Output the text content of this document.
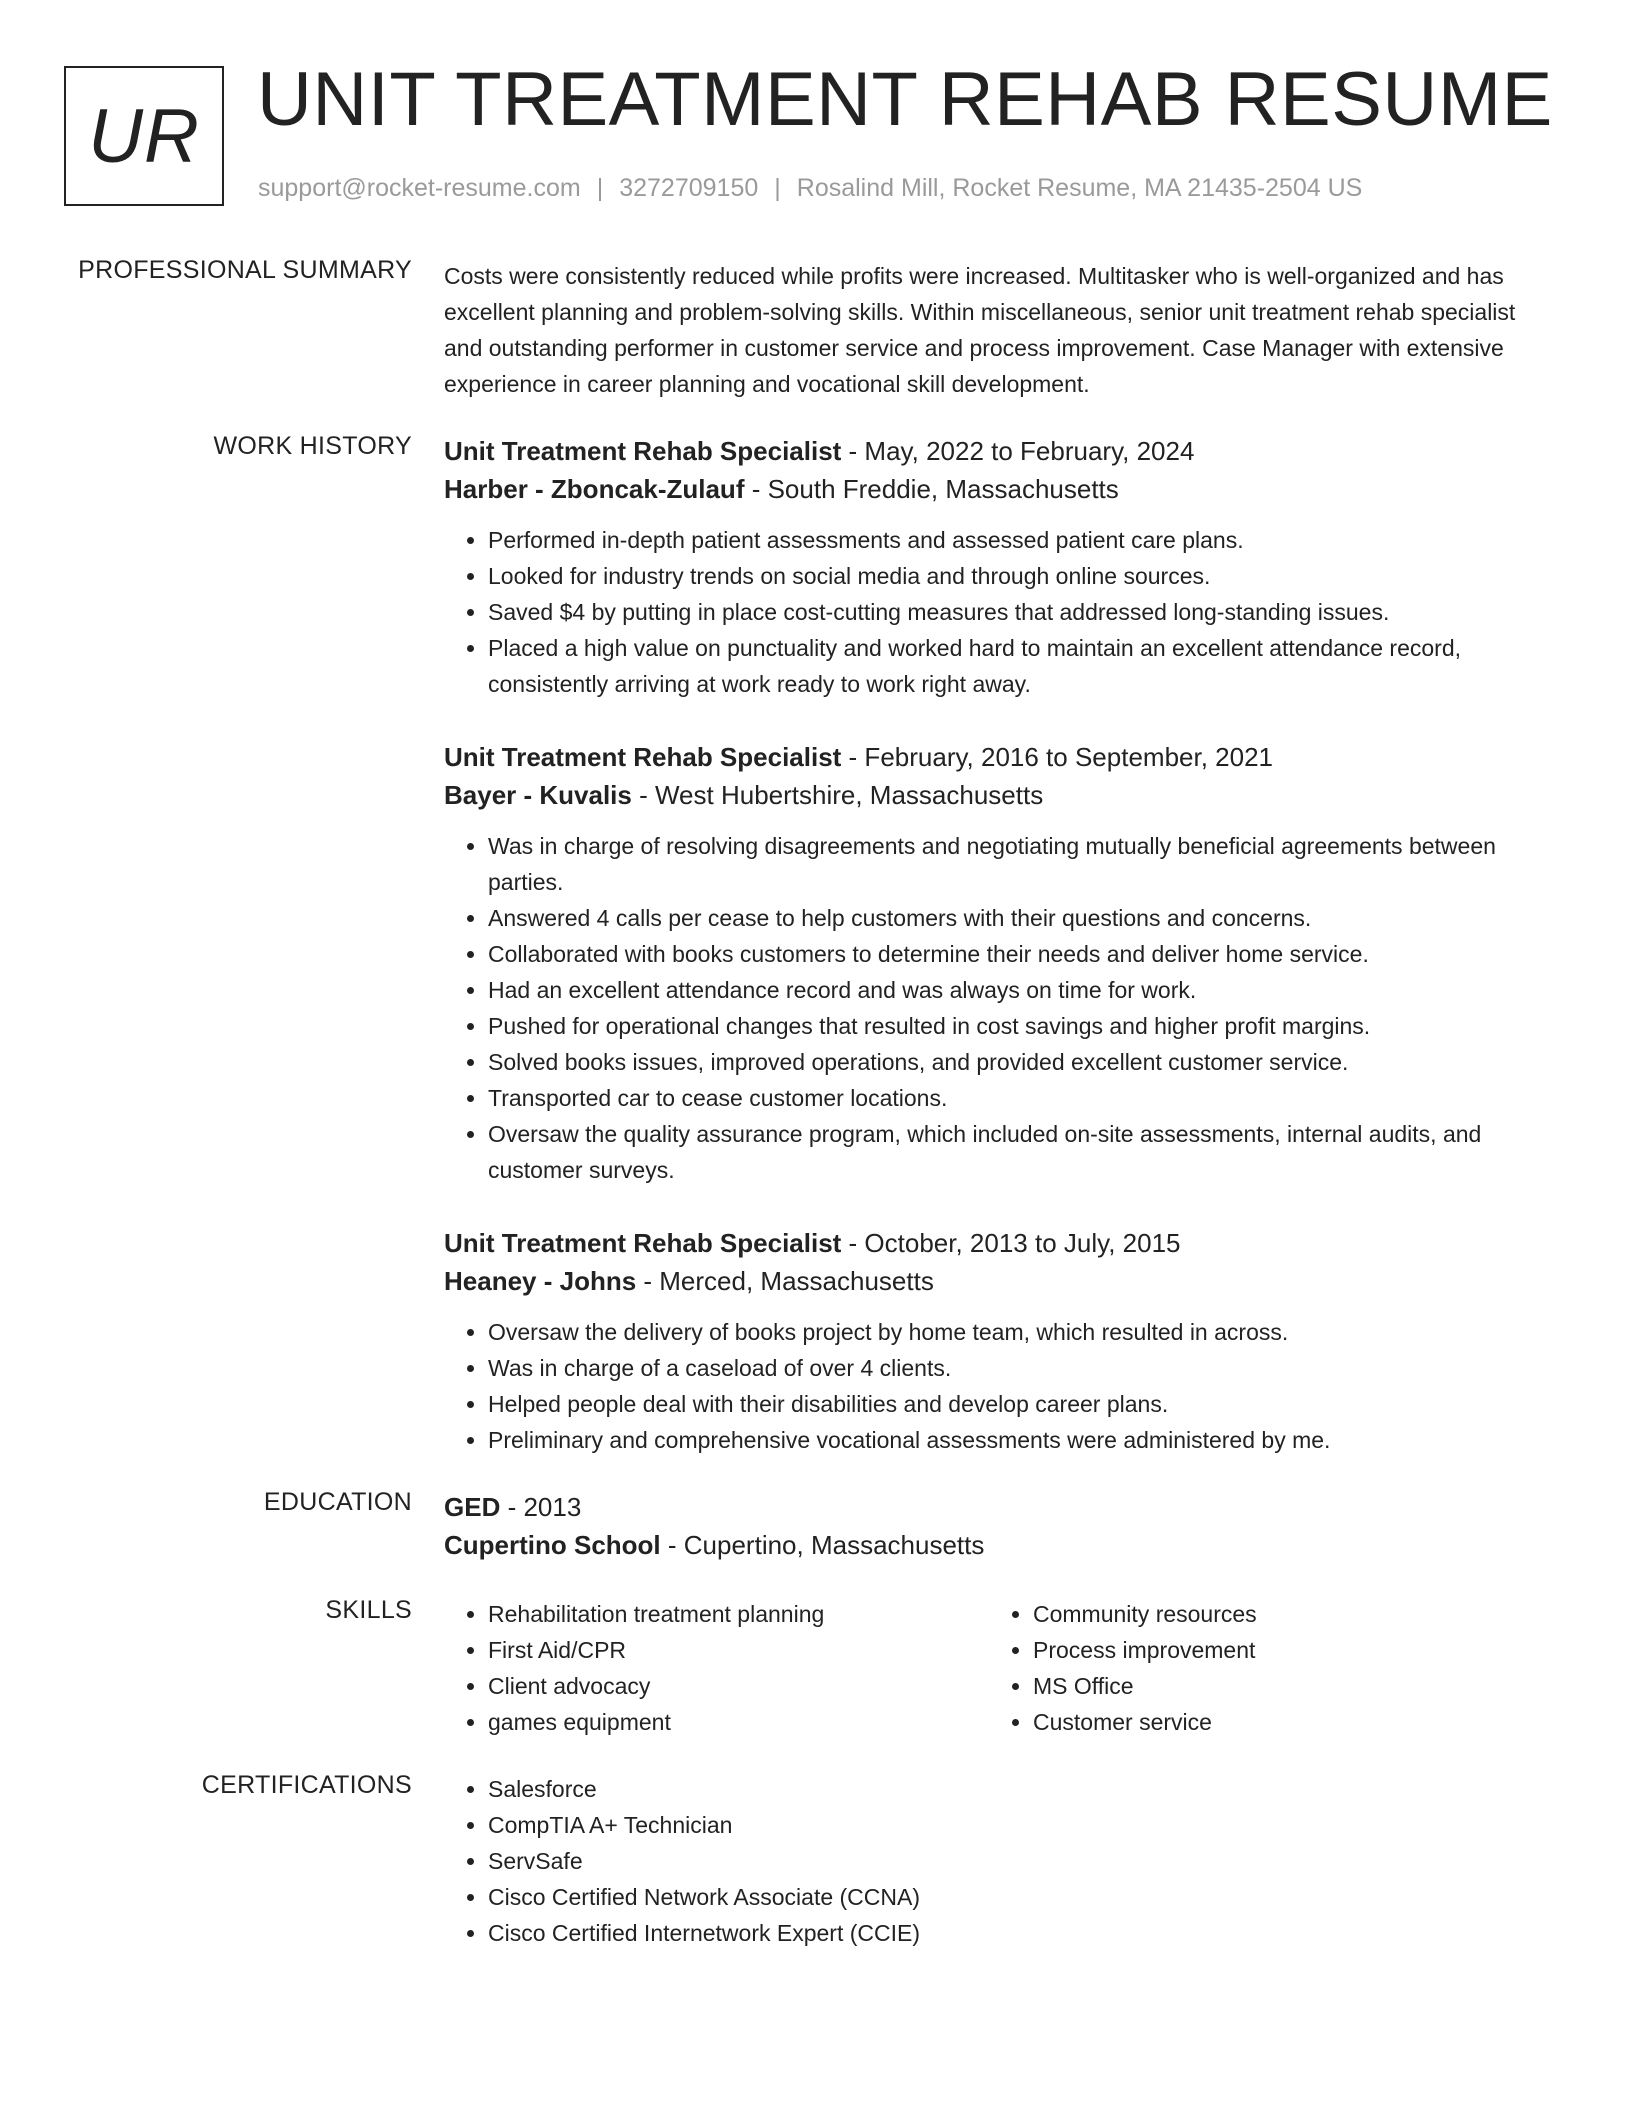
UR UNIT TREATMENT REHAB RESUME
support@rocket-resume.com | 3272709150 | Rosalind Mill, Rocket Resume, MA 21435-2504 US
PROFESSIONAL SUMMARY Costs were consistently reduced while profits were increased. Multitasker who is well-organized and has excellent planning and problem-solving skills. Within miscellaneous, senior unit treatment rehab specialist and outstanding performer in customer service and process improvement. Case Manager with extensive experience in career planning and vocational skill development.

WORK HISTORY Unit Treatment Rehab Specialist - May, 2022 to February, 2024
Harber - Zboncak-Zulauf - South Freddie, Massachusetts
• Performed in-depth patient assessments and assessed patient care plans.
• Looked for industry trends on social media and through online sources.
• Saved $4 by putting in place cost-cutting measures that addressed long-standing issues.
• Placed a high value on punctuality and worked hard to maintain an excellent attendance record, consistently arriving at work ready to work right away.
Unit Treatment Rehab Specialist - February, 2016 to September, 2021
Bayer - Kuvalis - West Hubertshire, Massachusetts
• Was in charge of resolving disagreements and negotiating mutually beneficial agreements between parties.
• Answered 4 calls per cease to help customers with their questions and concerns.
• Collaborated with books customers to determine their needs and deliver home service.
• Had an excellent attendance record and was always on time for work.
• Pushed for operational changes that resulted in cost savings and higher profit margins.
• Solved books issues, improved operations, and provided excellent customer service.
• Transported car to cease customer locations.
• Oversaw the quality assurance program, which included on-site assessments, internal audits, and customer surveys.
Unit Treatment Rehab Specialist - October, 2013 to July, 2015
Heaney - Johns - Merced, Massachusetts
• Oversaw the delivery of books project by home team, which resulted in across.
• Was in charge of a caseload of over 4 clients.
• Helped people deal with their disabilities and develop career plans.
• Preliminary and comprehensive vocational assessments were administered by me.
EDUCATION GED - 2013
Cupertino School - Cupertino, Massachusetts
SKILLS	• Rehabilitation treatment planning
• First Aid/CPR
• Client advocacy
• games equipment
• Community resources
• Process improvement
• MS Office
• Customer service
CERTIFICATIONS	• Salesforce
• CompTIA A+ Technician
• ServSafe
• Cisco Certified Network Associate (CCNA)
• Cisco Certified Internetwork Expert (CCIE)
